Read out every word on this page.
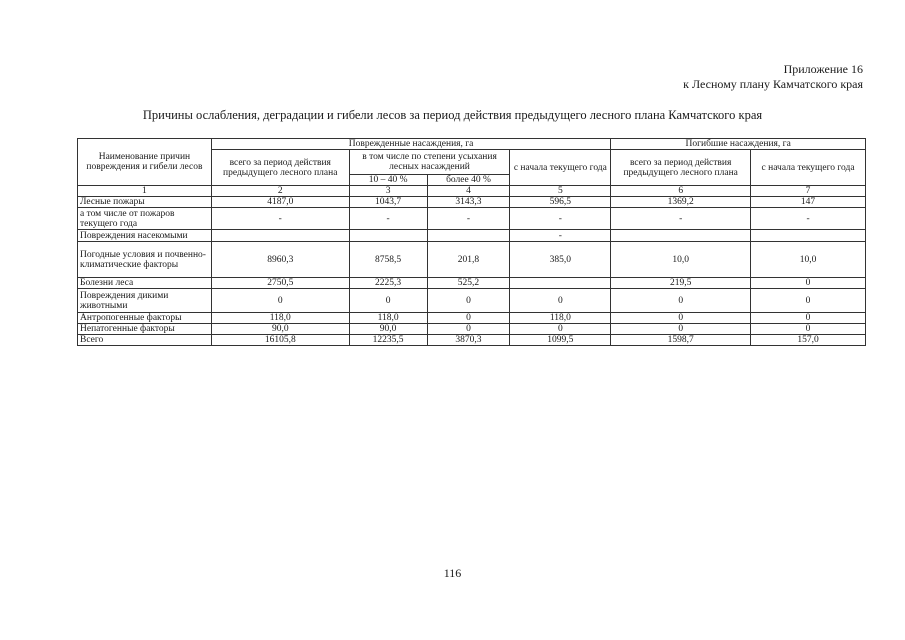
Приложение 16
к Лесному плану Камчатского края
Причины ослабления, деградации и гибели лесов за период действия предыдущего лесного плана Камчатского края
Наименование причин повреждения и гибели лесов	Поврежденные насаждения, га				Погибшие насаждения, га	
	всего за период действия предыдущего лесного плана	в том числе по степени усыхания лесных насаждений		с начала текущего года	всего за период действия предыдущего лесного плана	с начала текущего года
		10 – 40 %	более 40 %			
1	2	3	4	5	6	7
Лесные пожары	4187,0	1043,7	3143,3	596,5	1369,2	147
а том числе от пожаров текущего года	-	-	-	-	-	-
Повреждения насекомыми				-		
Погодные условия и почвенно-климатические факторы	8960,3	8758,5	201,8	385,0	10,0	10,0
Болезни леса	2750,5	2225,3	525,2		219,5	0
Повреждения дикими животными	0	0	0	0	0	0
Антропогенные факторы	118,0	118,0	0	118,0	0	0
Непатогенные факторы	90,0	90,0	0	0	0	0
Всего	16105,8	12235,5	3870,3	1099,5	1598,7	157,0
116
